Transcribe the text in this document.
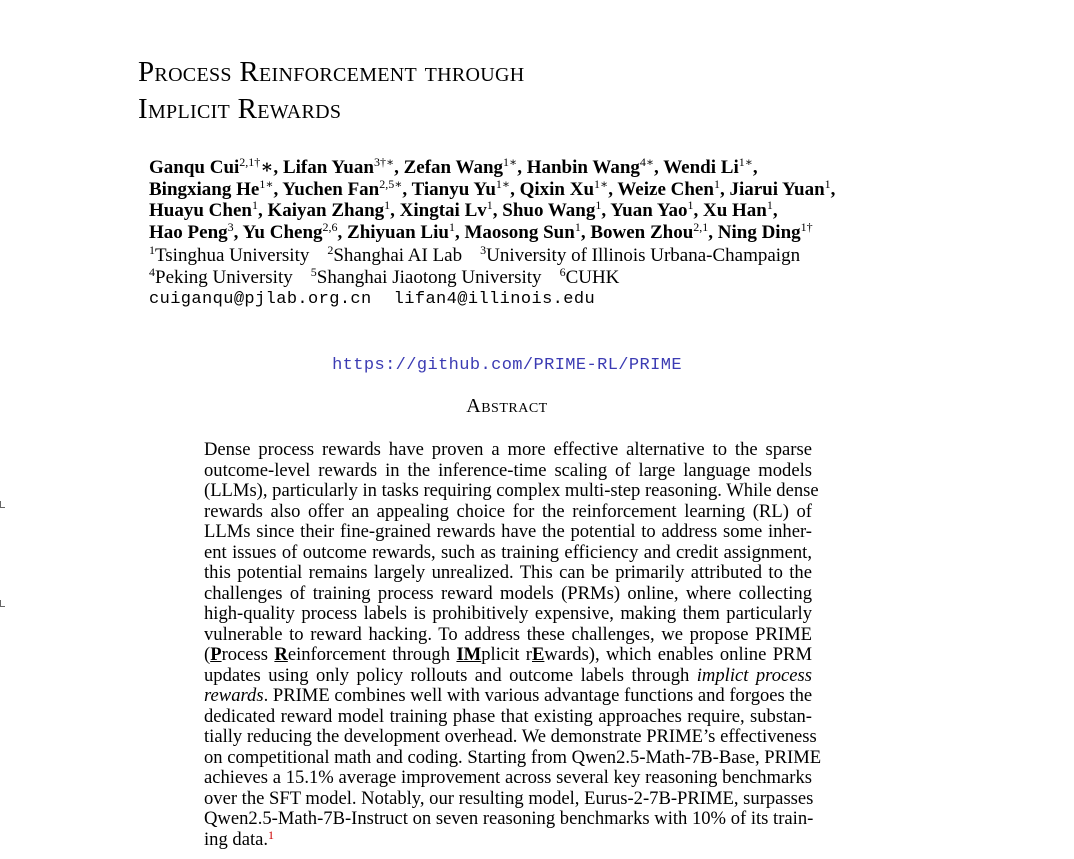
Process Reinforcement through
Implicit Rewards
Ganqu Cui$^{2,1\dagger}$∗, Lifan Yuan$^{3\dagger∗}$, Zefan Wang$^{1∗}$, Hanbin Wang$^{4∗}$, Wendi $Li^{1∗}$,
Bingxiang $He^{1∗}$, Yuchen Fan$^{2,5∗}$, Tianyu $Yu^{1∗}$, Qixin $Xu^{1∗}$, Weize Chen$^1$, Jiarui Yuan$^1$,
Huayu Chen$^1$, Kaiyan Zhang$^1$, Xingtai Lv$^1$, Shuo Wang$^1$, Yuan Yao$^1$, Xu Han$^1$,
Hao Peng$^3$, Yu Cheng$^{2,6}$, Zhiyuan Liu$^1$, Maosong Sun$^1$, Bowen Zhou$^{2,1}$, Ning Ding$^{1\dagger}$
$^1$Tsinghua University $^2$Shanghai AI Lab $^3$University of Illinois Urbana-Champaign
$^4$Peking University $^5$Shanghai Jiaotong University $^6$CUHK
cuiganqu@pjlab.org.cn lifan4@illinois.edu
https://github.com/PRIME-RL/PRIME
Abstract
Dense process rewards have proven a more effective alternative to the sparse
outcome-level rewards in the inference-time scaling of large language models
(LLMs), particularly in tasks requiring complex multi-step reasoning. While dense
rewards also offer an appealing choice for the reinforcement learning (RL) of
LLMs since their fine-grained rewards have the potential to address some inher-
ent issues of outcome rewards, such as training efficiency and credit assignment,
this potential remains largely unrealized. This can be primarily attributed to the
challenges of training process reward models (PRMs) online, where collecting
high-quality process labels is prohibitively expensive, making them particularly
vulnerable to reward hacking. To address these challenges, we propose PRIME
(Process Reinforcement through IMplicit rEwards), which enables online PRM
updates using only policy rollouts and outcome labels through implict process
rewards. PRIME combines well with various advantage functions and forgoes the
dedicated reward model training phase that existing approaches require, substan-
tially reducing the development overhead. We demonstrate PRIME’s effectiveness
on competitional math and coding. Starting from Qwen2.5-Math-7B-Base, PRIME
achieves a 15.1% average improvement across several key reasoning benchmarks
over the SFT model. Notably, our resulting model, Eurus-2-7B-PRIME, surpasses
Qwen2.5-Math-7B-Instruct on seven reasoning benchmarks with 10% of its train-
ing data.$^1$
